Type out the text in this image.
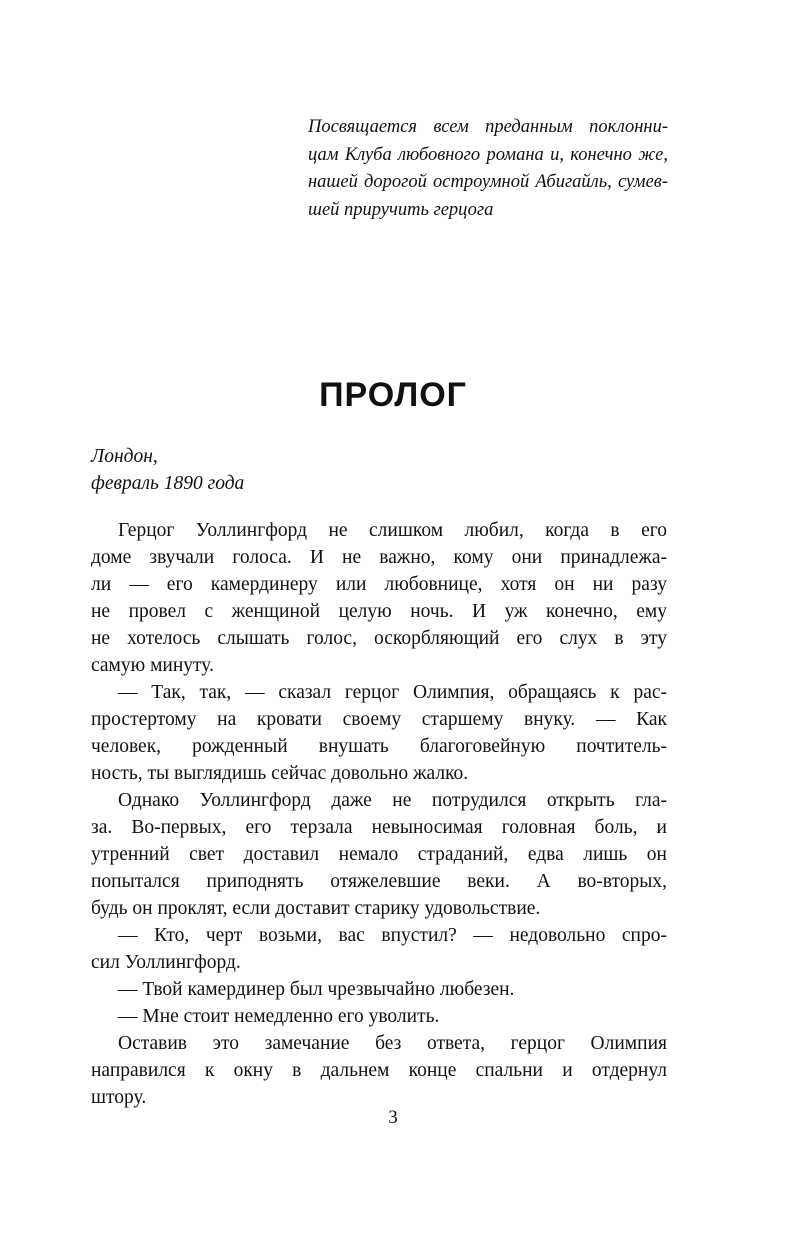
Посвящается всем преданным поклонни-
цам Клуба любовного романа и, конечно же,
нашей дорогой остроумной Абигайль, сумев-
шей приручить герцога
ПРОЛОГ
Лондон,
февраль 1890 года
Герцог Уоллингфорд не слишком любил, когда в его
доме звучали голоса. И не важно, кому они принадлежа-
ли — его камердинеру или любовнице, хотя он ни разу
не провел с женщиной целую ночь. И уж конечно, ему
не хотелось слышать голос, оскорбляющий его слух в эту
самую минуту.
— Так, так, — сказал герцог Олимпия, обращаясь к рас-
простертому на кровати своему старшему внуку. — Как
человек, рожденный внушать благоговейную почтитель-
ность, ты выглядишь сейчас довольно жалко.
Однако Уоллингфорд даже не потрудился открыть гла-
за. Во-первых, его терзала невыносимая головная боль, и
утренний свет доставил немало страданий, едва лишь он
попытался приподнять отяжелевшие веки. А во-вторых,
будь он проклят, если доставит старику удовольствие.
— Кто, черт возьми, вас впустил? — недовольно спро-
сил Уоллингфорд.
— Твой камердинер был чрезвычайно любезен.
— Мне стоит немедленно его уволить.
Оставив это замечание без ответа, герцог Олимпия
направился к окну в дальнем конце спальни и отдернул
штору.
3
